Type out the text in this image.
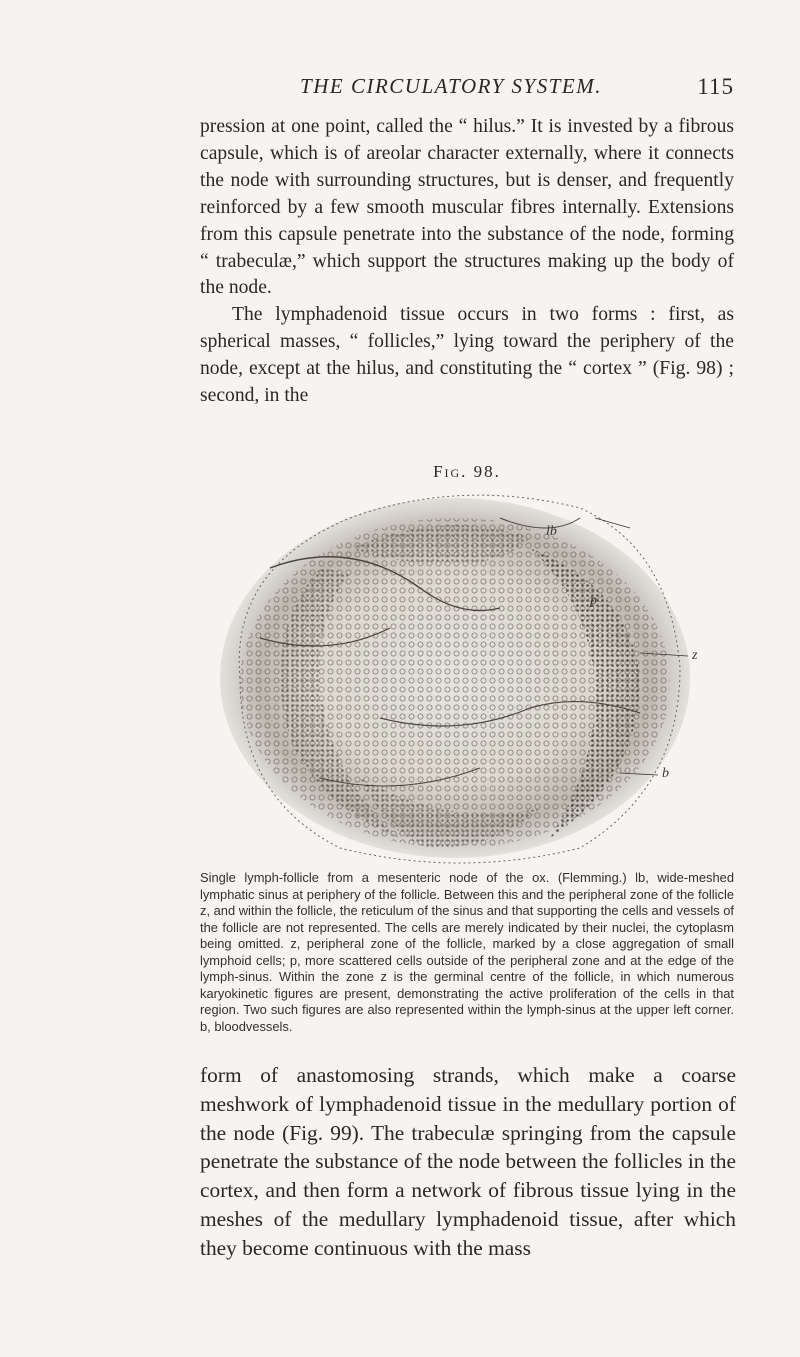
THE CIRCULATORY SYSTEM.	115

pression at one point, called the “ hilus.” It is invested by a fibrous capsule, which is of areolar character externally, where it connects the node with surrounding structures, but is denser, and frequently reinforced by a few smooth muscular fibres internally. Extensions from this capsule penetrate into the substance of the node, forming “ trabeculæ,” which support the structures making up the body of the node.

The lymphadenoid tissue occurs in two forms : first, as spherical masses, “ follicles,” lying toward the periphery of the node, except at the hilus, and constituting the “ cortex ” (Fig. 98) ; second, in the

Fig. 98.
lb
p
z
b

Single lymph-follicle from a mesenteric node of the ox. (Flemming.) lb, wide-meshed lymphatic sinus at periphery of the follicle. Between this and the peripheral zone of the follicle z, and within the follicle, the reticulum of the sinus and that supporting the cells and vessels of the follicle are not represented. The cells are merely indicated by their nuclei, the cytoplasm being omitted. z, peripheral zone of the follicle, marked by a close aggregation of small lymphoid cells; p, more scattered cells outside of the peripheral zone and at the edge of the lymph-sinus. Within the zone z is the germinal centre of the follicle, in which numerous karyokinetic figures are present, demonstrating the active proliferation of the cells in that region. Two such figures are also represented within the lymph-sinus at the upper left corner. b, bloodvessels.

form of anastomosing strands, which make a coarse meshwork of lymphadenoid tissue in the medullary portion of the node (Fig. 99). The trabeculæ springing from the capsule penetrate the substance of the node between the follicles in the cortex, and then form a network of fibrous tissue lying in the meshes of the medullary lymphadenoid tissue, after which they become continuous with the mass
